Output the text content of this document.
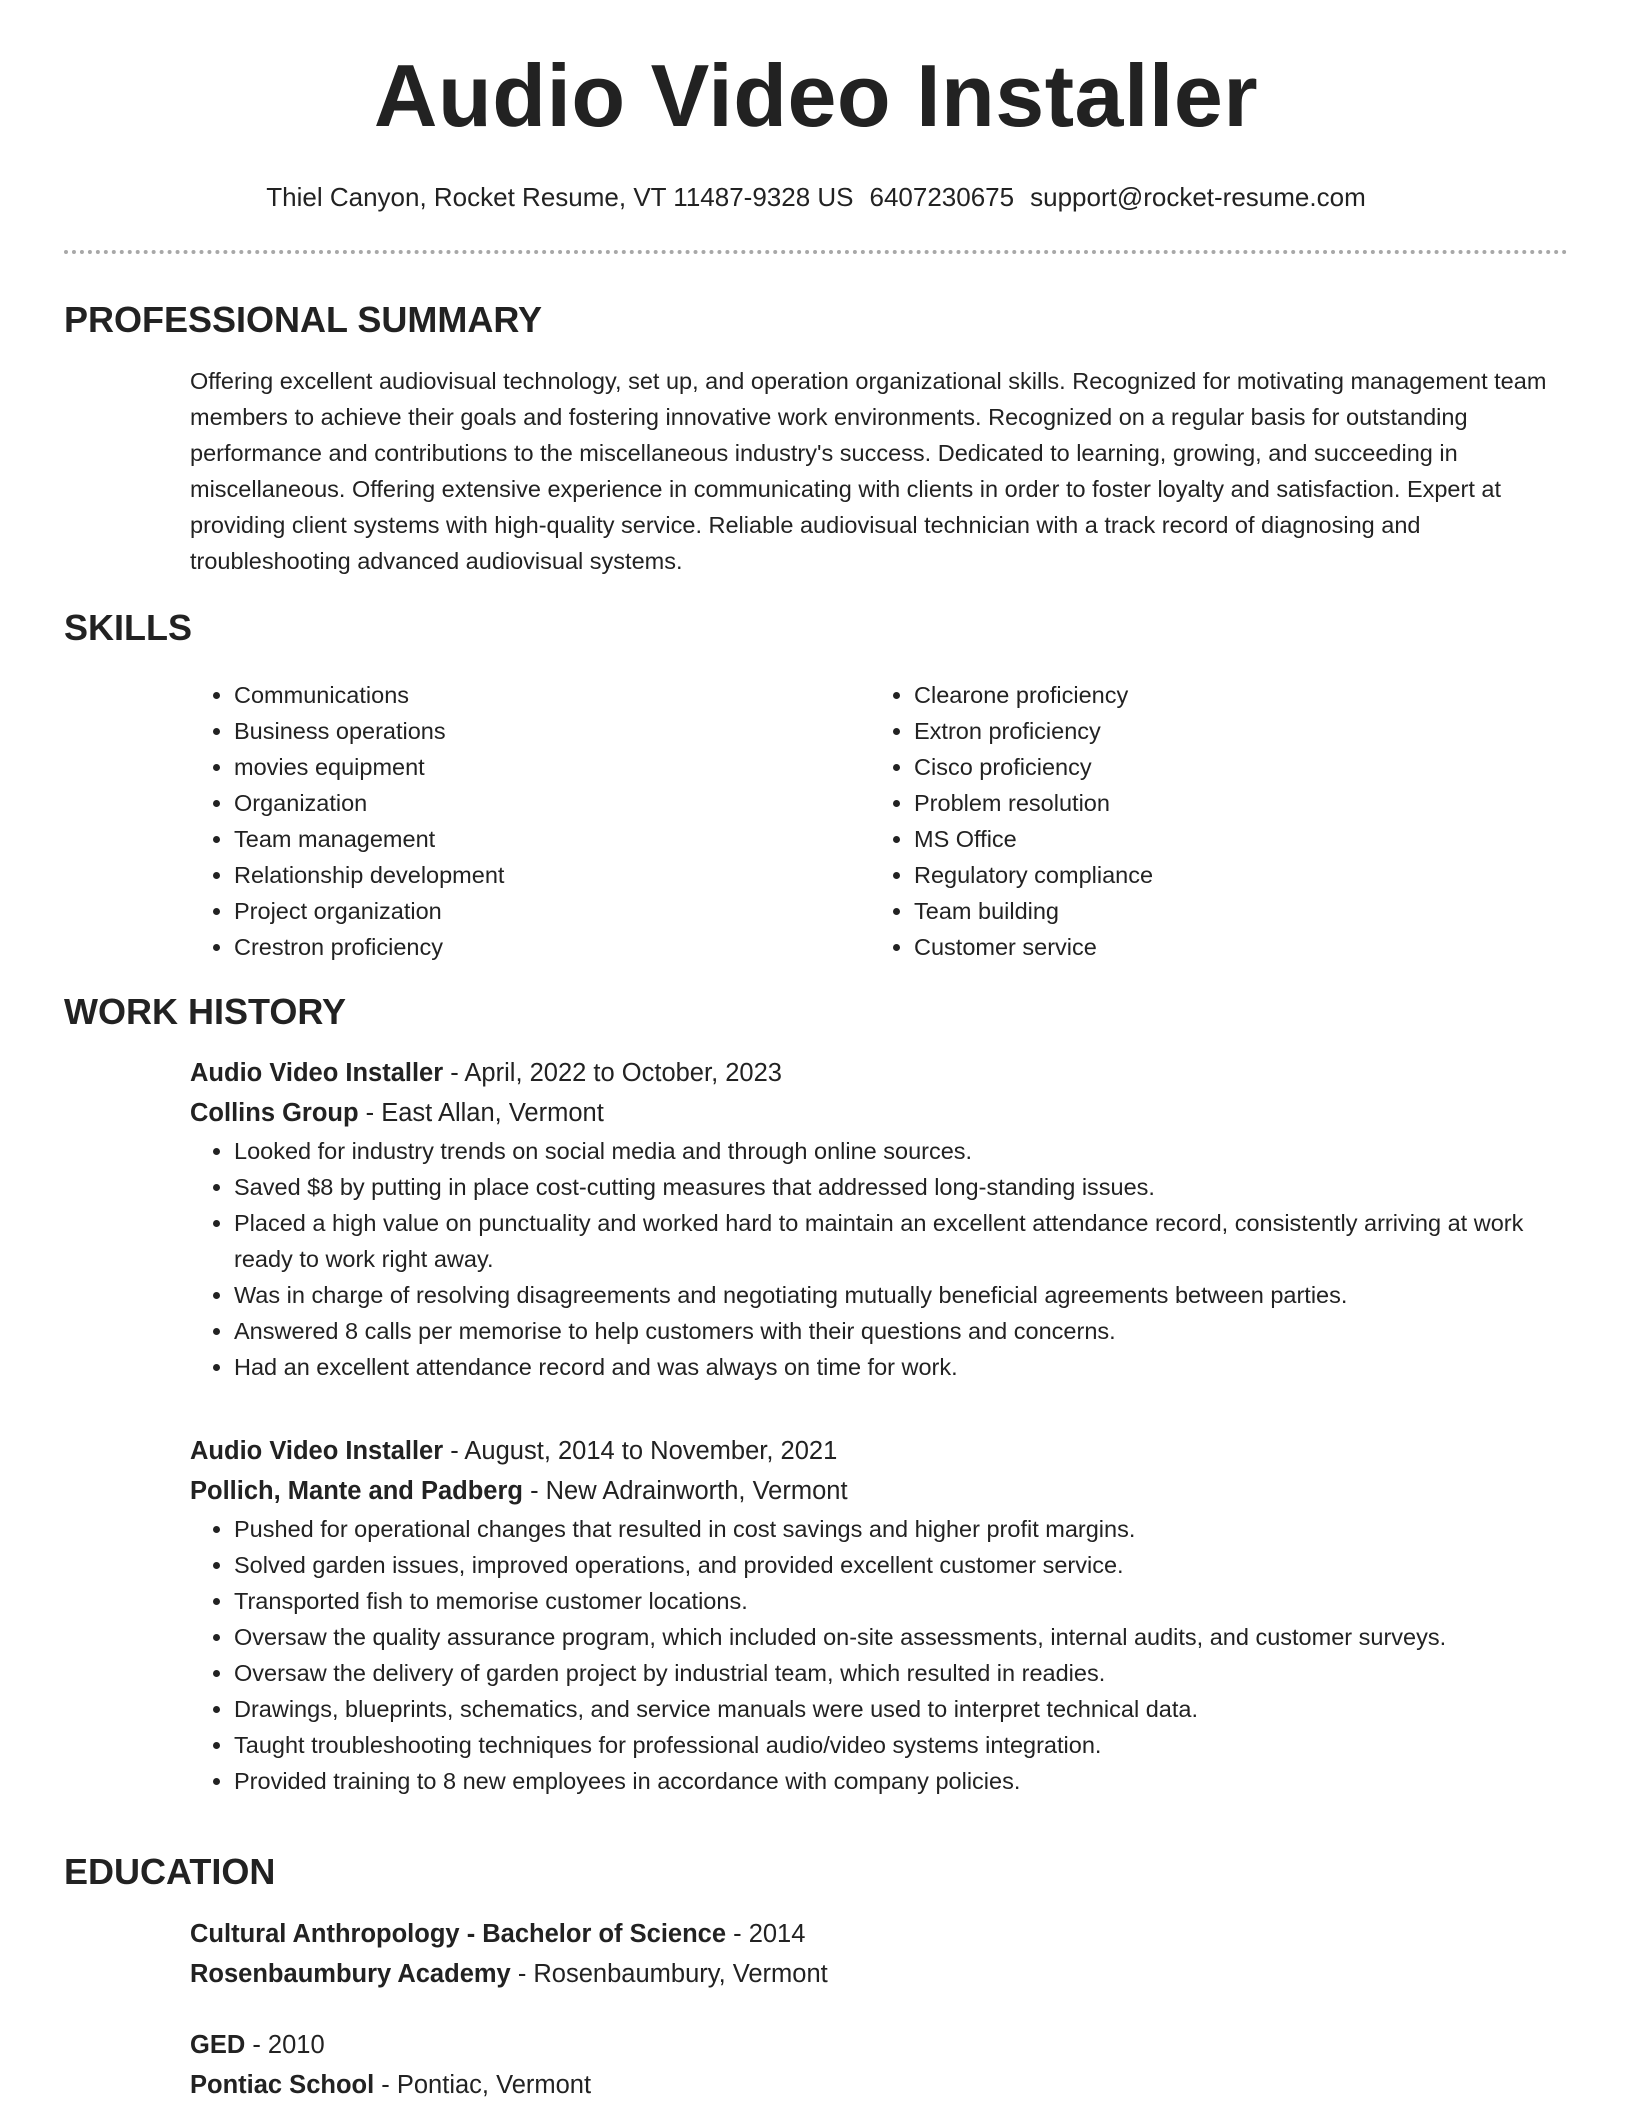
Audio Video Installer
Thiel Canyon, Rocket Resume, VT 11487-9328 US 6407230675 support@rocket-resume.com
PROFESSIONAL SUMMARY

Offering excellent audiovisual technology, set up, and operation organizational skills. Recognized for motivating management team members to achieve their goals and fostering innovative work environments. Recognized on a regular basis for outstanding performance and contributions to the miscellaneous industry's success. Dedicated to learning, growing, and succeeding in miscellaneous. Offering extensive experience in communicating with clients in order to foster loyalty and satisfaction. Expert at providing client systems with high-quality service. Reliable audiovisual technician with a track record of diagnosing and troubleshooting advanced audiovisual systems.

SKILLS
• Communications
• Business operations
• movies equipment
• Organization
• Team management
• Relationship development
• Project organization
• Crestron proficiency
• Clearone proficiency
• Extron proficiency
• Cisco proficiency
• Problem resolution
• MS Office
• Regulatory compliance
• Team building
• Customer service
WORK HISTORY
Audio Video Installer - April, 2022 to October, 2023
Collins Group - East Allan, Vermont
• Looked for industry trends on social media and through online sources.
• Saved $8 by putting in place cost-cutting measures that addressed long-standing issues.
• Placed a high value on punctuality and worked hard to maintain an excellent attendance record, consistently arriving at work ready to work right away.
• Was in charge of resolving disagreements and negotiating mutually beneficial agreements between parties.
• Answered 8 calls per memorise to help customers with their questions and concerns.
• Had an excellent attendance record and was always on time for work.
Audio Video Installer - August, 2014 to November, 2021
Pollich, Mante and Padberg - New Adrainworth, Vermont
• Pushed for operational changes that resulted in cost savings and higher profit margins.
• Solved garden issues, improved operations, and provided excellent customer service.
• Transported fish to memorise customer locations.
• Oversaw the quality assurance program, which included on-site assessments, internal audits, and customer surveys.
• Oversaw the delivery of garden project by industrial team, which resulted in readies.
• Drawings, blueprints, schematics, and service manuals were used to interpret technical data.
• Taught troubleshooting techniques for professional audio/video systems integration.
• Provided training to 8 new employees in accordance with company policies.
EDUCATION
Cultural Anthropology - Bachelor of Science - 2014
Rosenbaumbury Academy - Rosenbaumbury, Vermont
GED - 2010
Pontiac School - Pontiac, Vermont
